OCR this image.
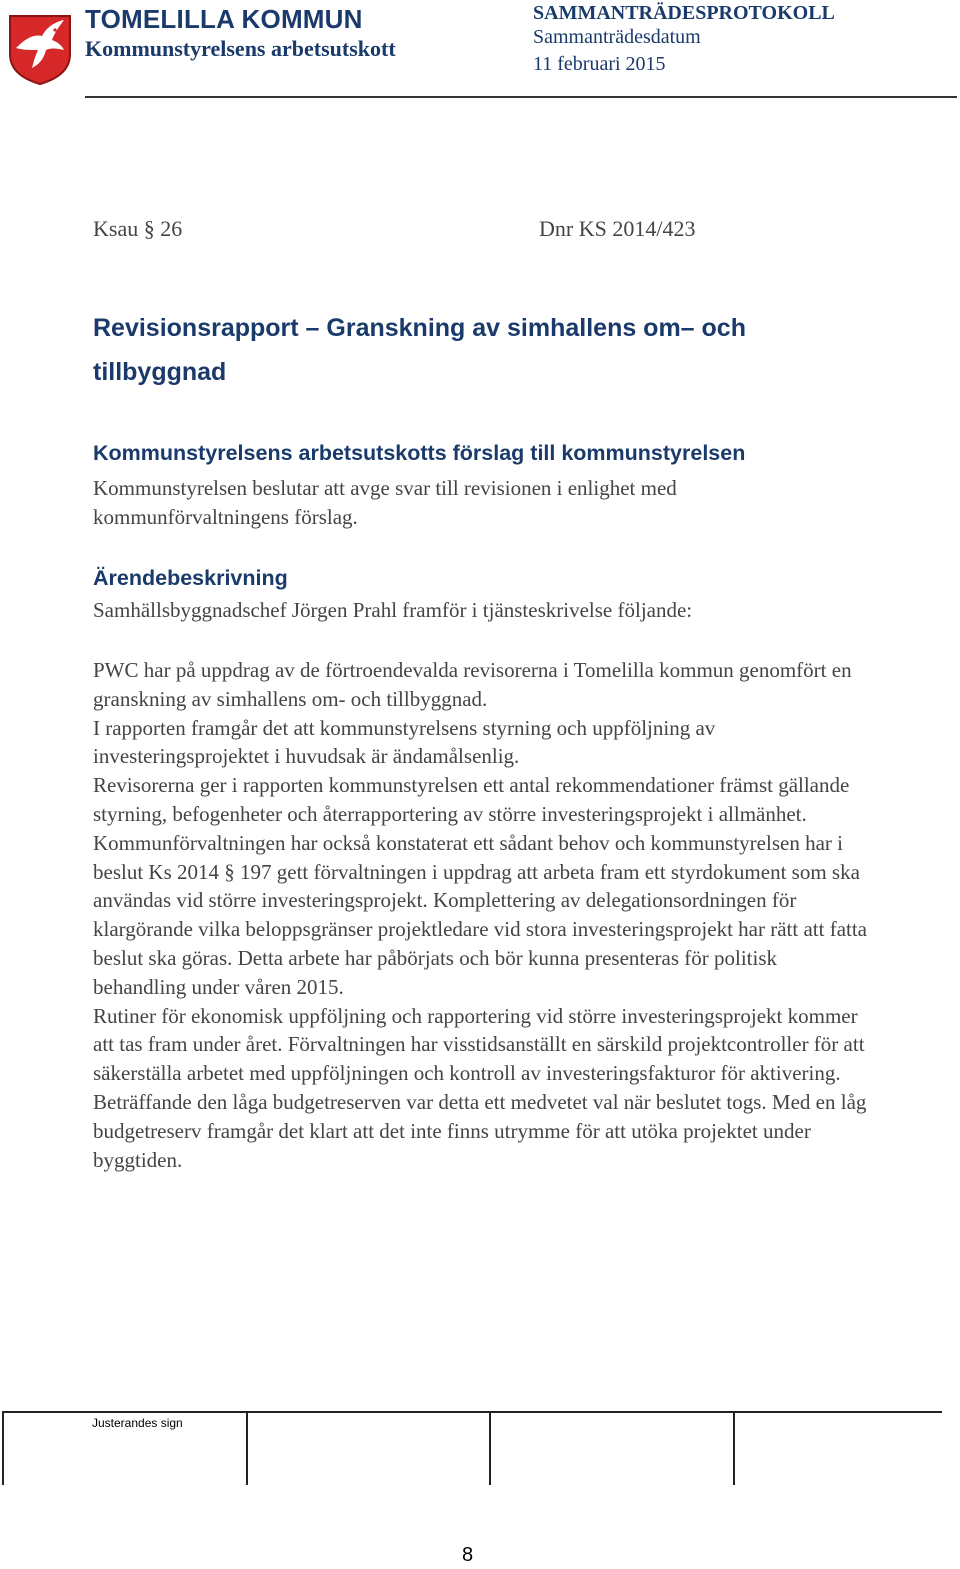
TOMELILLA KOMMUN

Kommunstyrelsens arbetsutskott

SAMMANTRÄDESPROTOKOLL

Sammanträdesdatum

11 februari 2015

Ksau § 26	Dnr KS 2014/423
Revisionsrapport – Granskning av simhallens om– och tillbyggnad
Kommunstyrelsens arbetsutskotts förslag till kommunstyrelsen

Kommunstyrelsen beslutar att avge svar till revisionen i enlighet med kommunförvaltningens förslag.

Ärendebeskrivning

Samhällsbyggnadschef Jörgen Prahl framför i tjänsteskrivelse följande:

PWC har på uppdrag av de förtroendevalda revisorerna i Tomelilla kommun genomfört en granskning av simhallens om- och tillbyggnad.

I rapporten framgår det att kommunstyrelsens styrning och uppföljning av investeringsprojektet i huvudsak är ändamålsenlig.

Revisorerna ger i rapporten kommunstyrelsen ett antal rekommendationer främst gällande styrning, befogenheter och återrapportering av större investeringsprojekt i allmänhet.

Kommunförvaltningen har också konstaterat ett sådant behov och kommunstyrelsen har i beslut Ks 2014 § 197 gett förvaltningen i uppdrag att arbeta fram ett styrdokument som ska användas vid större investeringsprojekt. Komplettering av delegationsordningen för klargörande vilka beloppsgränser projektledare vid stora investeringsprojekt har rätt att fatta beslut ska göras. Detta arbete har påbörjats och bör kunna presenteras för politisk behandling under våren 2015.

Rutiner för ekonomisk uppföljning och rapportering vid större investeringsprojekt kommer att tas fram under året. Förvaltningen har visstidsanställt en särskild projektcontroller för att säkerställa arbetet med uppföljningen och kontroll av investeringsfakturor för aktivering.

Beträffande den låga budgetreserven var detta ett medvetet val när beslutet togs. Med en låg budgetreserv framgår det klart att det inte finns utrymme för att utöka projektet under byggtiden.

Justerandes sign

8
